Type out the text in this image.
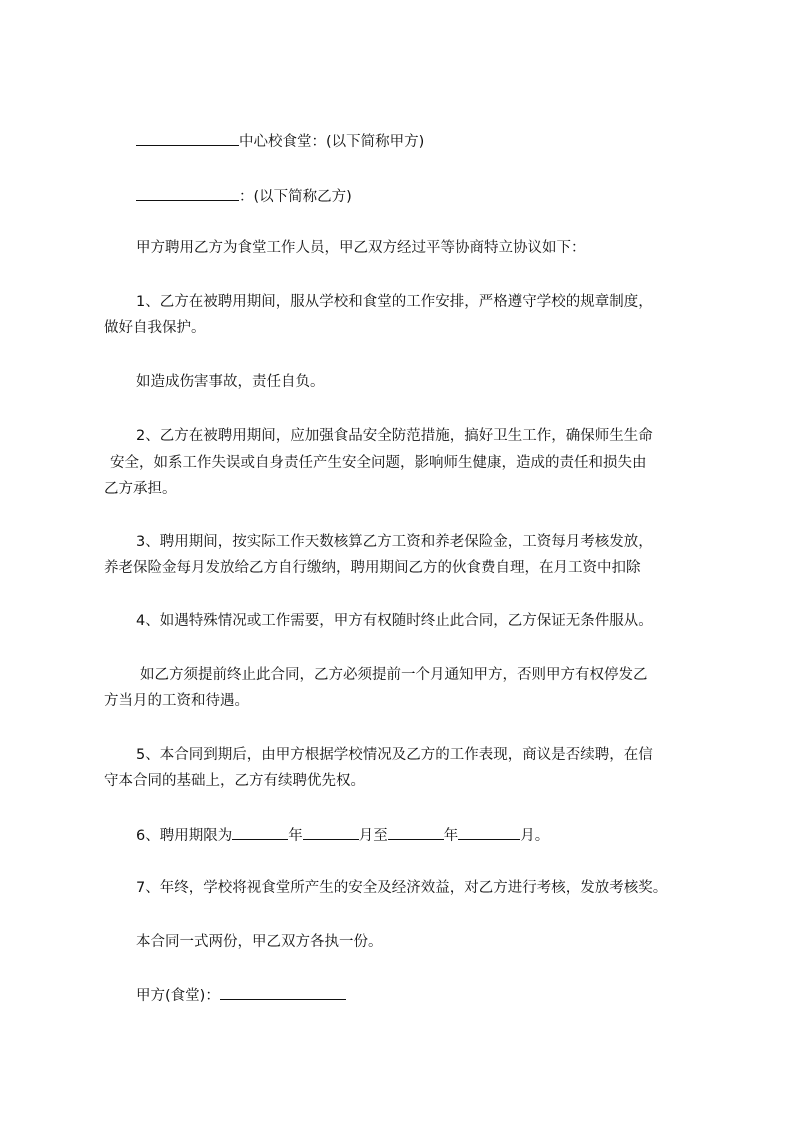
中心校食堂：(以下简称甲方)
：(以下简称乙方)
甲方聘用乙方为食堂工作人员，甲乙双方经过平等协商特立协议如下：
1、乙方在被聘用期间，服从学校和食堂的工作安排，严格遵守学校的规章制度，
做好自我保护。
如造成伤害事故，责任自负。
2、乙方在被聘用期间，应加强食品安全防范措施，搞好卫生工作，确保师生生命
安全，如系工作失误或自身责任产生安全问题，影响师生健康，造成的责任和损失由
乙方承担。
3、聘用期间，按实际工作天数核算乙方工资和养老保险金，工资每月考核发放，
养老保险金每月发放给乙方自行缴纳，聘用期间乙方的伙食费自理，在月工资中扣除
4、如遇特殊情况或工作需要，甲方有权随时终止此合同，乙方保证无条件服从。
如乙方须提前终止此合同，乙方必须提前一个月通知甲方，否则甲方有权停发乙
方当月的工资和待遇。
5、本合同到期后，由甲方根据学校情况及乙方的工作表现，商议是否续聘，在信
守本合同的基础上，乙方有续聘优先权。
6、聘用期限为	年	月至	年	月。
7、年终，学校将视食堂所产生的安全及经济效益，对乙方进行考核，发放考核奖。
本合同一式两份，甲乙双方各执一份。
甲方(食堂)：
